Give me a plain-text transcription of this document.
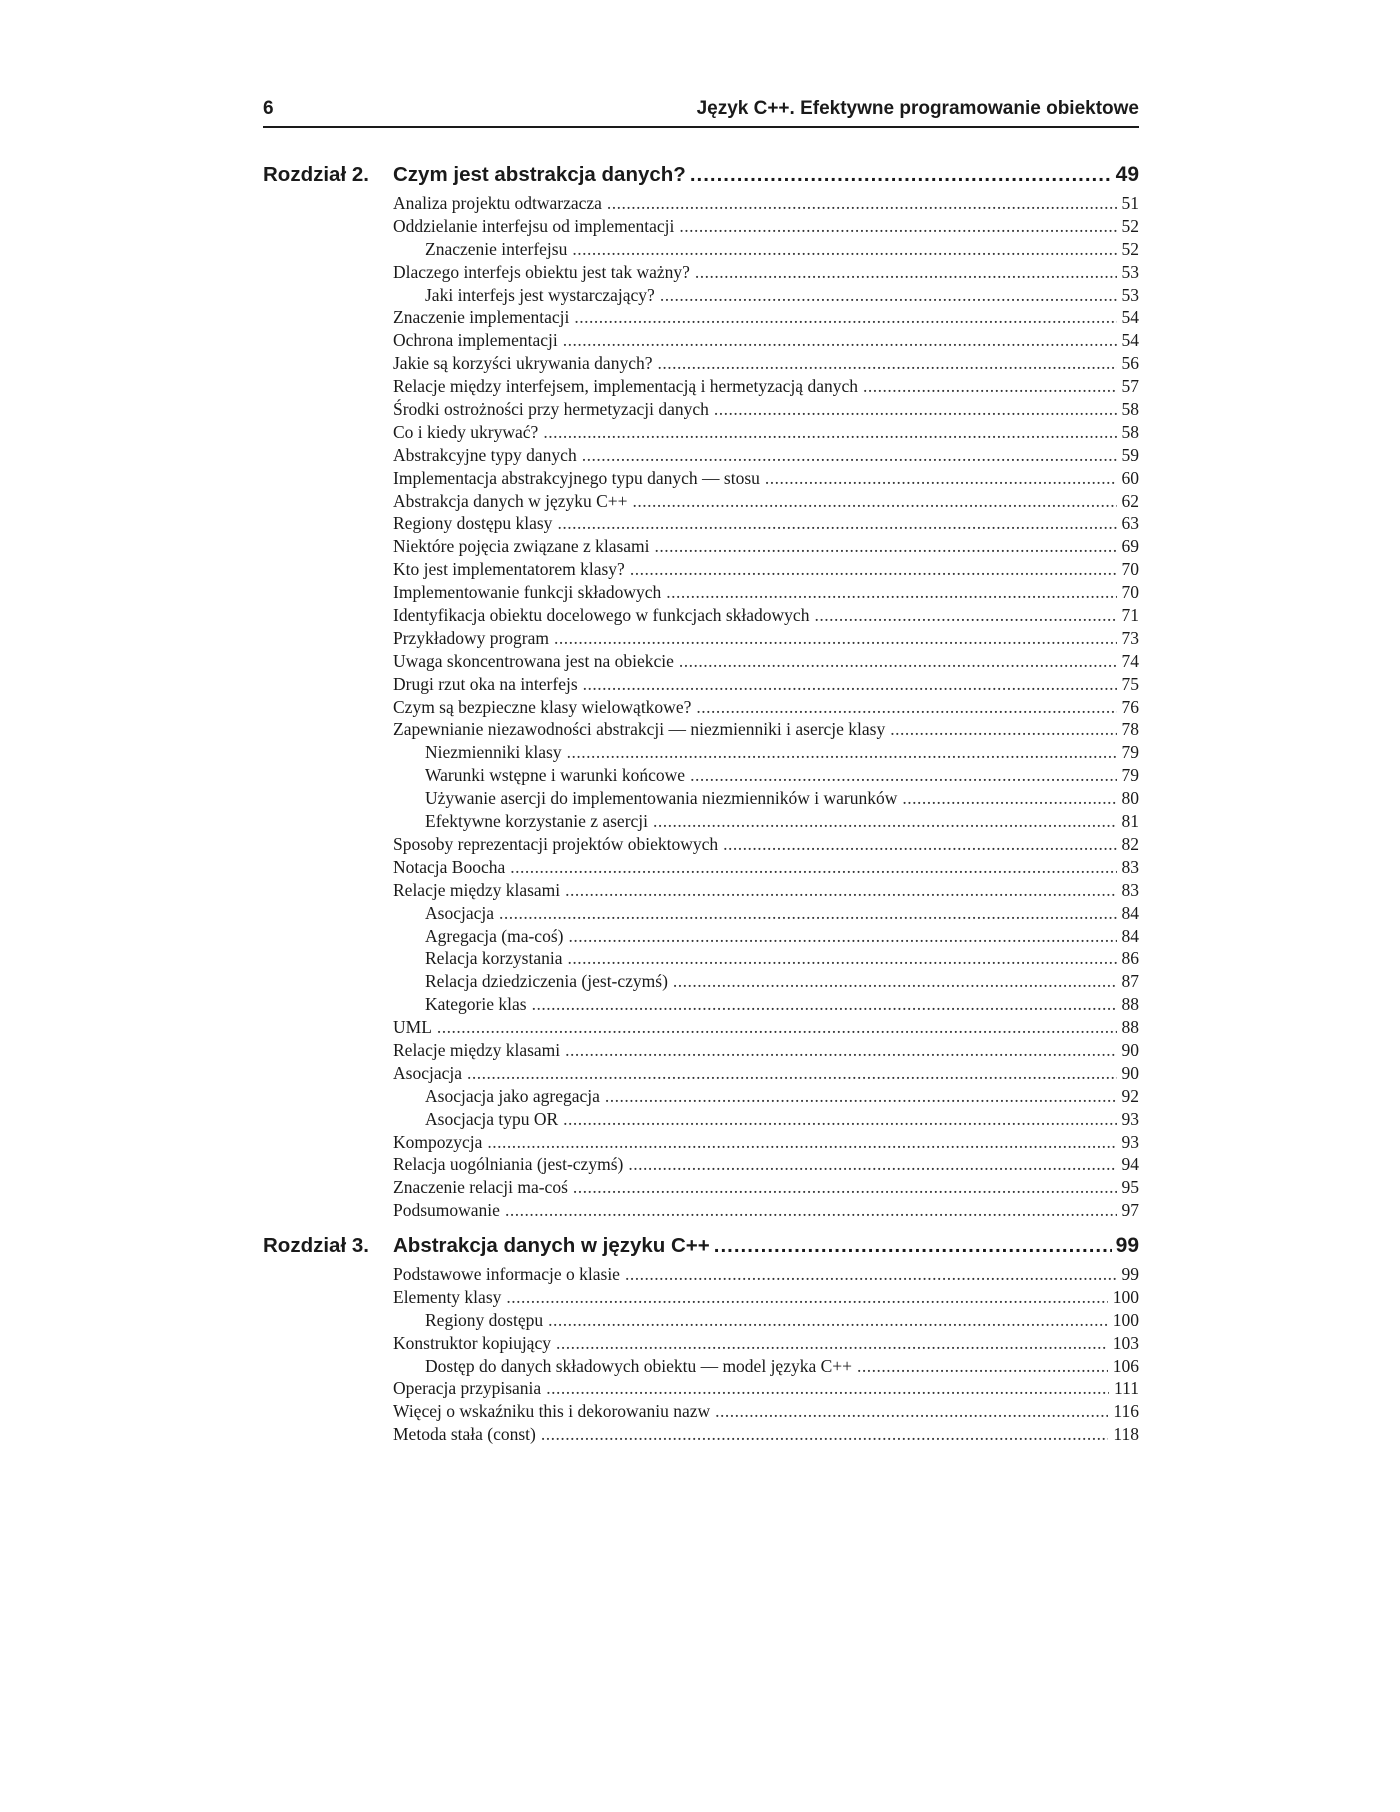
6	Język C++. Efektywne programowanie obiektowe
Rozdział 2. Czym jest abstrakcja danych? .....	49
Analiza projektu odtwarzacza .....	51
Oddzielanie interfejsu od implementacji .....	52
Znaczenie interfejsu .....	52
Dlaczego interfejs obiektu jest tak ważny? .....	53
Jaki interfejs jest wystarczający? .....	53
Znaczenie implementacji .....	54
Ochrona implementacji .....	54
Jakie są korzyści ukrywania danych? .....	56
Relacje między interfejsem, implementacją i hermetyzacją danych .....	57
Środki ostrożności przy hermetyzacji danych .....	58
Co i kiedy ukrywać? .....	58
Abstrakcyjne typy danych .....	59
Implementacja abstrakcyjnego typu danych — stosu .....	60
Abstrakcja danych w języku C++ .....	62
Regiony dostępu klasy .....	63
Niektóre pojęcia związane z klasami .....	69
Kto jest implementatorem klasy? .....	70
Implementowanie funkcji składowych .....	70
Identyfikacja obiektu docelowego w funkcjach składowych .....	71
Przykładowy program .....	73
Uwaga skoncentrowana jest na obiekcie .....	74
Drugi rzut oka na interfejs .....	75
Czym są bezpieczne klasy wielowątkowe? .....	76
Zapewnianie niezawodności abstrakcji — niezmienniki i asercje klasy .....	78
Niezmienniki klasy .....	79
Warunki wstępne i warunki końcowe .....	79
Używanie asercji do implementowania niezmienników i warunków .....	80
Efektywne korzystanie z asercji .....	81
Sposoby reprezentacji projektów obiektowych .....	82
Notacja Boocha .....	83
Relacje między klasami .....	83
Asocjacja .....	84
Agregacja (ma-coś) .....	84
Relacja korzystania .....	86
Relacja dziedziczenia (jest-czymś) .....	87
Kategorie klas .....	88
UML .....	88
Relacje między klasami .....	90
Asocjacja .....	90
Asocjacja jako agregacja .....	92
Asocjacja typu OR .....	93
Kompozycja .....	93
Relacja uogólniania (jest-czymś) .....	94
Znaczenie relacji ma-coś .....	95
Podsumowanie .....	97
Rozdział 3. Abstrakcja danych w języku C++ .....	99
Podstawowe informacje o klasie .....	99
Elementy klasy .....	100
Regiony dostępu .....	100
Konstruktor kopiujący .....	103
Dostęp do danych składowych obiektu — model języka C++ .....	106
Operacja przypisania .....	111
Więcej o wskaźniku this i dekorowaniu nazw .....	116
Metoda stała (const) .....	118
